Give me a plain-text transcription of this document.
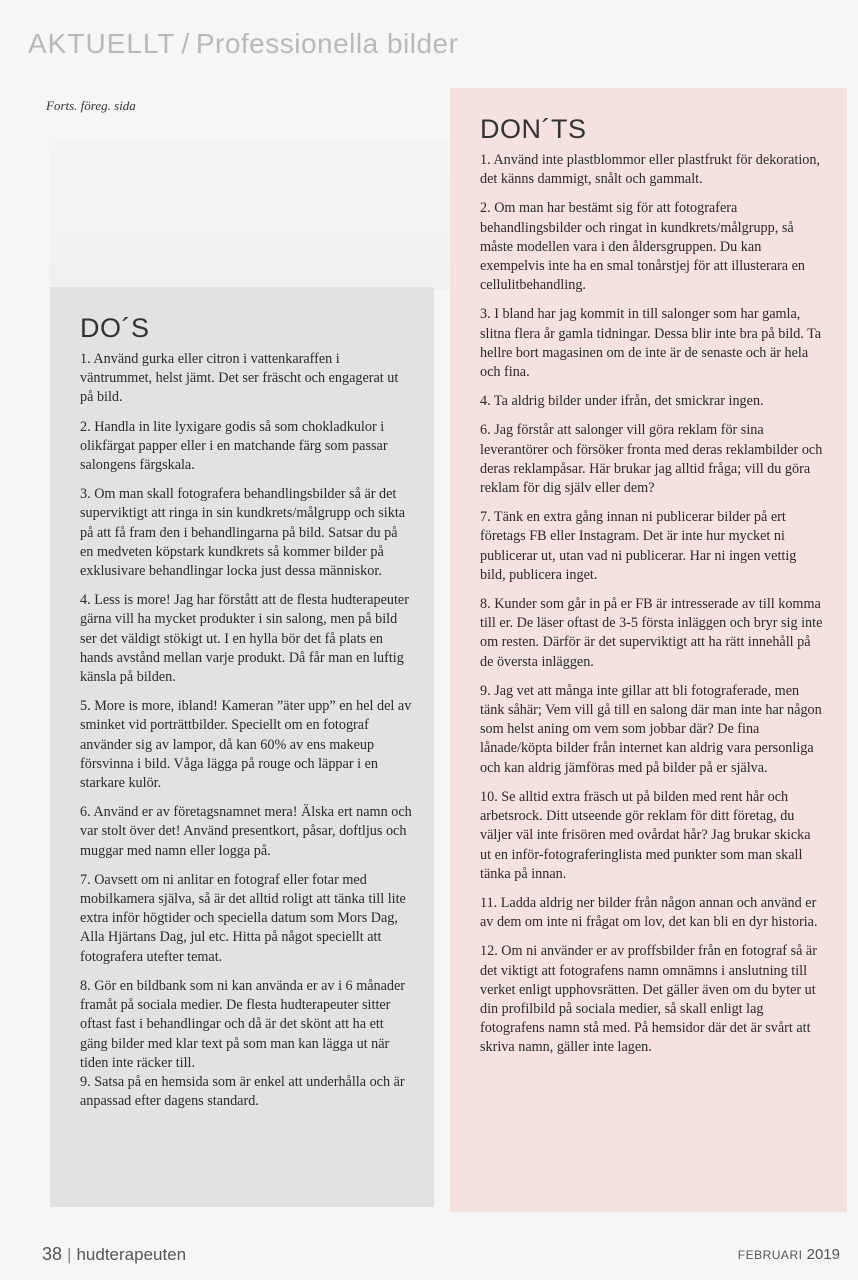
AKTUELLT / Professionella bilder
Forts. föreg. sida
DO´S

1. Använd gurka eller citron i vattenkaraffen i väntrummet, helst jämt. Det ser fräscht och engagerat ut på bild.

2. Handla in lite lyxigare godis så som chokladkulor i olikfärgat papper eller i en matchande färg som passar salongens färgskala.

3. Om man skall fotografera behandlingsbilder så är det superviktigt att ringa in sin kundkrets/målgrupp och sikta på att få fram den i behandlingarna på bild. Satsar du på en medveten köpstark kundkrets så kommer bilder på exklusivare behandlingar locka just dessa människor.

4. Less is more! Jag har förstått att de flesta hudterapeuter gärna vill ha mycket produkter i sin salong, men på bild ser det väldigt stökigt ut. I en hylla bör det få plats en hands avstånd mellan varje produkt. Då får man en luftig känsla på bilden.

5. More is more, ibland! Kameran ”äter upp” en hel del av sminket vid porträttbilder. Speciellt om en fotograf använder sig av lampor, då kan 60% av ens makeup försvinna i bild. Våga lägga på rouge och läppar i en starkare kulör.

6. Använd er av företagsnamnet mera! Älska ert namn och var stolt över det! Använd presentkort, påsar, doftljus och muggar med namn eller logga på.

7. Oavsett om ni anlitar en fotograf eller fotar med mobilkamera själva, så är det alltid roligt att tänka till lite extra inför högtider och speciella datum som Mors Dag, Alla Hjärtans Dag, jul etc. Hitta på något speciellt att fotografera utefter temat.

8. Gör en bildbank som ni kan använda er av i 6 månader framåt på sociala medier. De flesta hudterapeuter sitter oftast fast i behandlingar och då är det skönt att ha ett gäng bilder med klar text på som man kan lägga ut när tiden inte räcker till.

9. Satsa på en hemsida som är enkel att underhålla och är anpassad efter dagens standard.

DON´TS

1. Använd inte plastblommor eller plastfrukt för dekoration, det känns dammigt, snålt och gammalt.

2. Om man har bestämt sig för att fotografera behandlingsbilder och ringat in kundkrets/målgrupp, så måste modellen vara i den åldersgruppen. Du kan exempelvis inte ha en smal tonårstjej för att illusterara en cellulitbehandling.

3. I bland har jag kommit in till salonger som har gamla, slitna flera år gamla tidningar. Dessa blir inte bra på bild. Ta hellre bort magasinen om de inte är de senaste och är hela och fina.

4. Ta aldrig bilder under ifrån, det smickrar ingen.

6. Jag förstår att salonger vill göra reklam för sina leverantörer och försöker fronta med deras reklambilder och deras reklampåsar. Här brukar jag alltid fråga; vill du göra reklam för dig själv eller dem?

7. Tänk en extra gång innan ni publicerar bilder på ert företags FB eller Instagram. Det är inte hur mycket ni publicerar ut, utan vad ni publicerar. Har ni ingen vettig bild, publicera inget.

8. Kunder som går in på er FB är intresserade av till komma till er. De läser oftast de 3-5 första inläggen och bryr sig inte om resten. Därför är det superviktigt att ha rätt innehåll på de översta inläggen.

9. Jag vet att många inte gillar att bli fotograferade, men tänk såhär; Vem vill gå till en salong där man inte har någon som helst aning om vem som jobbar där? De fina lånade/köpta bilder från internet kan aldrig vara personliga och kan aldrig jämföras med på bilder på er själva.

10. Se alltid extra fräsch ut på bilden med rent hår och arbetsrock. Ditt utseende gör reklam för ditt företag, du väljer väl inte frisören med ovårdat hår? Jag brukar skicka ut en inför-fotograferinglista med punkter som man skall tänka på innan.

11. Ladda aldrig ner bilder från någon annan och använd er av dem om inte ni frågat om lov, det kan bli en dyr historia.

12. Om ni använder er av proffsbilder från en fotograf så är det viktigt att fotografens namn omnämns i anslutning till verket enligt upphovsrätten. Det gäller även om du byter ut din profilbild på sociala medier, så skall enligt lag fotografens namn stå med. På hemsidor där det är svårt att skriva namn, gäller inte lagen.

38 | hudterapeuten	FEBRUARI 2019
